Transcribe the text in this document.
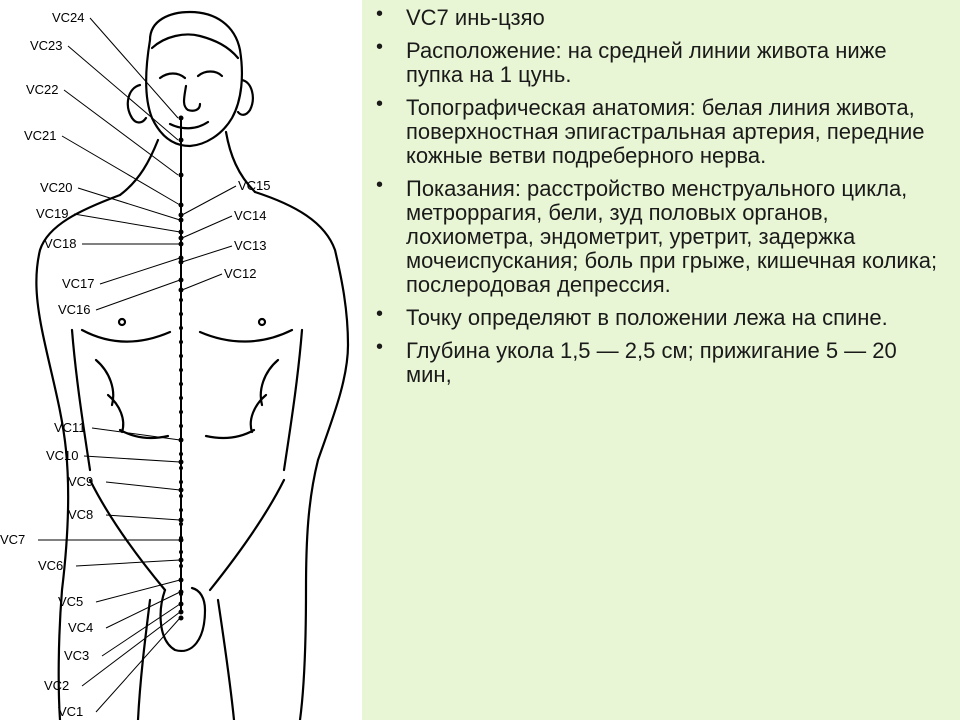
VC24
VC23
VC22
VC21
VC20
VC19
VC18
VC17
VC16
VC11
VC10
VC9
VC8
VC7
VC6
VC5
VC4
VC3
VC2
VC1
VC15
VC14
VC13
VC12
• VC7 инь-цзяо
• Расположение: на средней линии живота ниже пупка на 1 цунь.
• Топографическая анатомия: белая линия живота, поверхностная эпигастральная артерия, передние кожные ветви подреберного нерва.
• Показания: расстройство менструального цикла, метроррагия, бели, зуд половых органов, лохиометра, эндометрит, уретрит, задержка мочеиспускания; боль при грыже, кишечная колика; послеродовая депрессия.
• Точку определяют в положении лежа на спине.
• Глубина укола 1,5 — 2,5 см; прижигание 5 — 20 мин,
